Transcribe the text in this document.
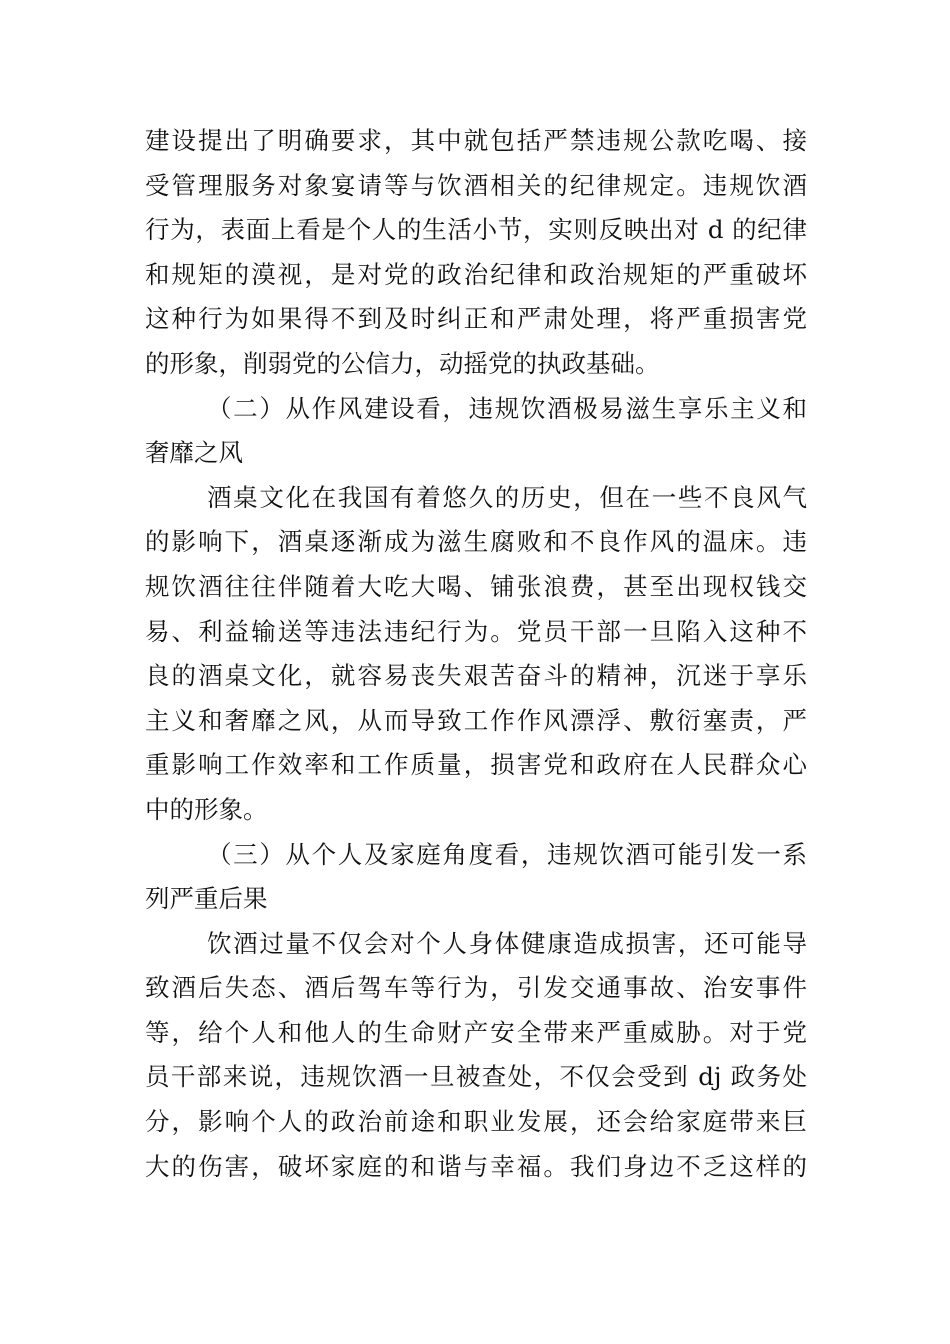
建设提出了明确要求，其中就包括严禁违规公款吃喝、接
受管理服务对象宴请等与饮酒相关的纪律规定。违规饮酒
行为，表面上看是个人的生活小节，实则反映出对 d 的纪律
和规矩的漠视，是对党的政治纪律和政治规矩的严重破坏
这种行为如果得不到及时纠正和严肃处理，将严重损害党
的形象，削弱党的公信力，动摇党的执政基础。
（二）从作风建设看，违规饮酒极易滋生享乐主义和
奢靡之风
酒桌文化在我国有着悠久的历史，但在一些不良风气
的影响下，酒桌逐渐成为滋生腐败和不良作风的温床。违
规饮酒往往伴随着大吃大喝、铺张浪费，甚至出现权钱交
易、利益输送等违法违纪行为。党员干部一旦陷入这种不
良的酒桌文化，就容易丧失艰苦奋斗的精神，沉迷于享乐
主义和奢靡之风，从而导致工作作风漂浮、敷衍塞责，严
重影响工作效率和工作质量，损害党和政府在人民群众心
中的形象。
（三）从个人及家庭角度看，违规饮酒可能引发一系
列严重后果
饮酒过量不仅会对个人身体健康造成损害，还可能导
致酒后失态、酒后驾车等行为，引发交通事故、治安事件
等，给个人和他人的生命财产安全带来严重威胁。对于党
员干部来说，违规饮酒一旦被查处，不仅会受到 dj 政务处
分，影响个人的政治前途和职业发展，还会给家庭带来巨
大的伤害，破坏家庭的和谐与幸福。我们身边不乏这样的
